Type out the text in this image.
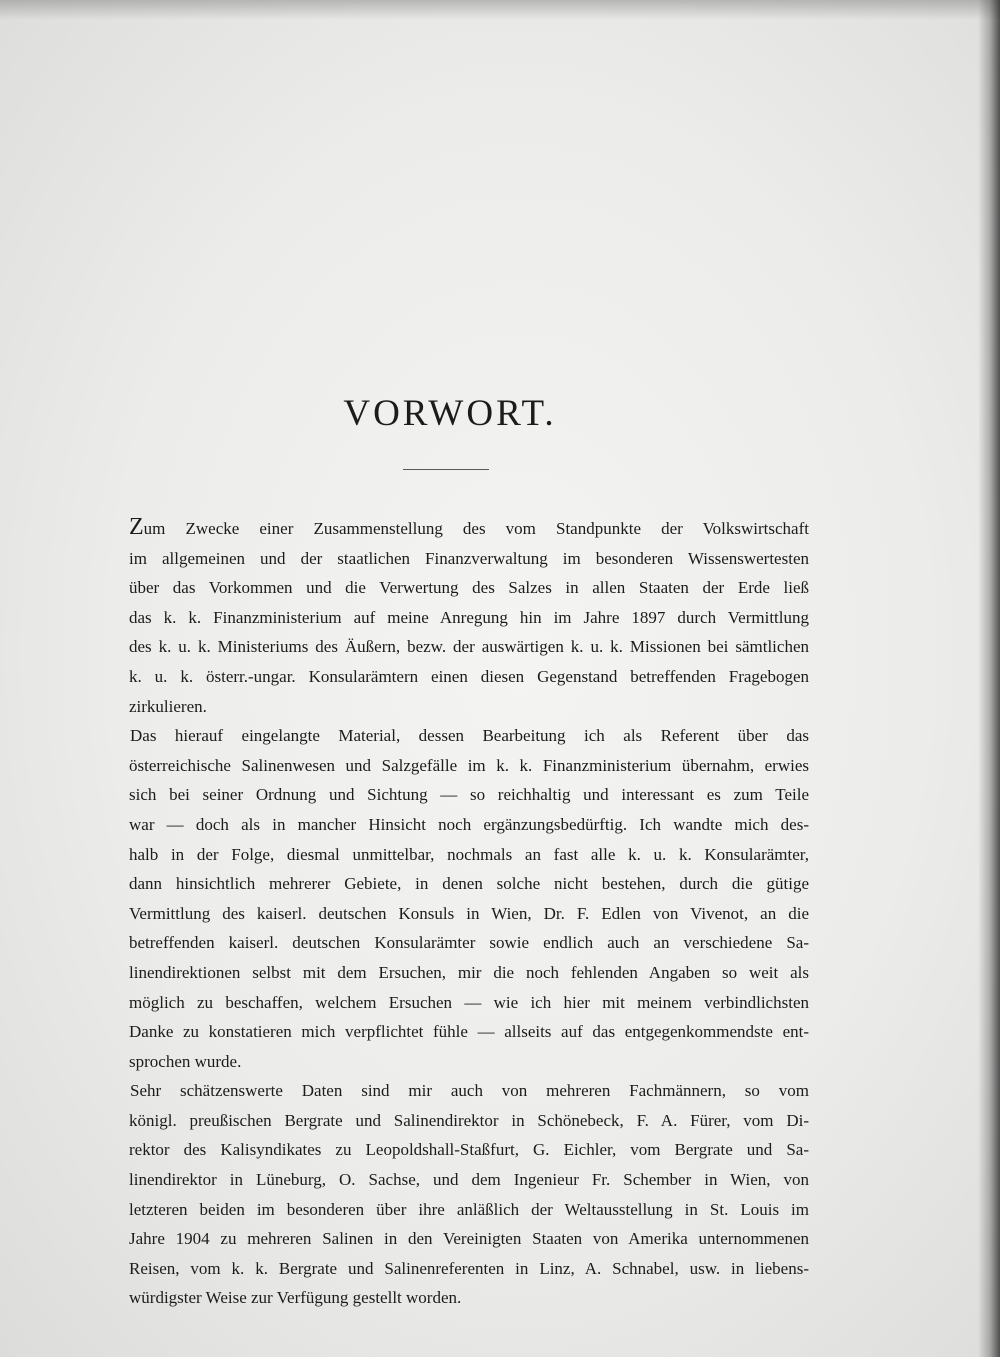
VORWORT.
Zum Zwecke einer Zusammenstellung des vom Standpunkte der Volkswirtschaft
im allgemeinen und der staatlichen Finanzverwaltung im besonderen Wissenswertesten
über das Vorkommen und die Verwertung des Salzes in allen Staaten der Erde ließ
das k. k. Finanzministerium auf meine Anregung hin im Jahre 1897 durch Vermittlung
des k. u. k. Ministeriums des Äußern, bezw. der auswärtigen k. u. k. Missionen bei sämtlichen
k. u. k. österr.-ungar. Konsularämtern einen diesen Gegenstand betreffenden Fragebogen
zirkulieren.
Das hierauf eingelangte Material, dessen Bearbeitung ich als Referent über das
österreichische Salinenwesen und Salzgefälle im k. k. Finanzministerium übernahm, erwies
sich bei seiner Ordnung und Sichtung — so reichhaltig und interessant es zum Teile
war — doch als in mancher Hinsicht noch ergänzungsbedürftig. Ich wandte mich des-
halb in der Folge, diesmal unmittelbar, nochmals an fast alle k. u. k. Konsularämter,
dann hinsichtlich mehrerer Gebiete, in denen solche nicht bestehen, durch die gütige
Vermittlung des kaiserl. deutschen Konsuls in Wien, Dr. F. Edlen von Vivenot, an die
betreffenden kaiserl. deutschen Konsularämter sowie endlich auch an verschiedene Sa-
linendirektionen selbst mit dem Ersuchen, mir die noch fehlenden Angaben so weit als
möglich zu beschaffen, welchem Ersuchen — wie ich hier mit meinem verbindlichsten
Danke zu konstatieren mich verpflichtet fühle — allseits auf das entgegenkommendste ent-
sprochen wurde.
Sehr schätzenswerte Daten sind mir auch von mehreren Fachmännern, so vom
königl. preußischen Bergrate und Salinendirektor in Schönebeck, F. A. Fürer, vom Di-
rektor des Kalisyndikates zu Leopoldshall-Staßfurt, G. Eichler, vom Bergrate und Sa-
linendirektor in Lüneburg, O. Sachse, und dem Ingenieur Fr. Schember in Wien, von
letzteren beiden im besonderen über ihre anläßlich der Weltausstellung in St. Louis im
Jahre 1904 zu mehreren Salinen in den Vereinigten Staaten von Amerika unternommenen
Reisen, vom k. k. Bergrate und Salinenreferenten in Linz, A. Schnabel, usw. in liebens-
würdigster Weise zur Verfügung gestellt worden.
